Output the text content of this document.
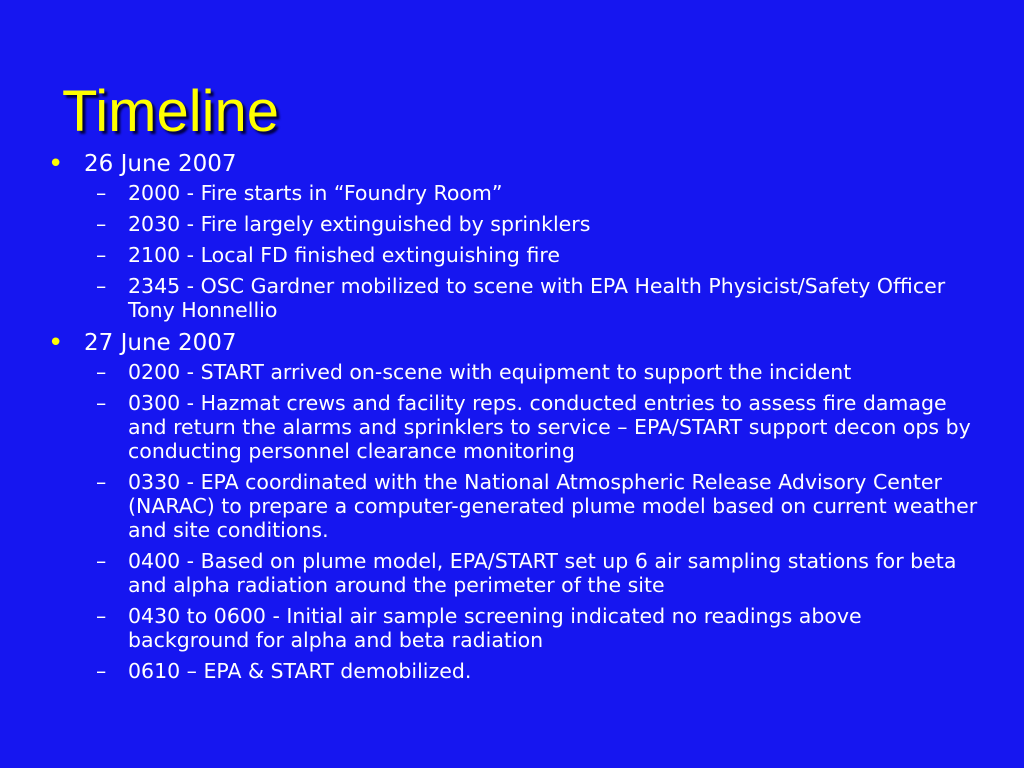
Timeline
• 26 June 2007
– 2000 - Fire starts in “Foundry Room”
– 2030 - Fire largely extinguished by sprinklers
– 2100 - Local FD finished extinguishing fire
– 2345 - OSC Gardner mobilized to scene with EPA Health Physicist/Safety Officer Tony Honnellio
• 27 June 2007
– 0200 - START arrived on-scene with equipment to support the incident
– 0300 - Hazmat crews and facility reps. conducted entries to assess fire damage and return the alarms and sprinklers to service – EPA/START support decon ops by conducting personnel clearance monitoring
– 0330 - EPA coordinated with the National Atmospheric Release Advisory Center (NARAC) to prepare a computer-generated plume model based on current weather and site conditions.
– 0400 - Based on plume model, EPA/START set up 6 air sampling stations for beta and alpha radiation around the perimeter of the site
– 0430 to 0600 - Initial air sample screening indicated no readings above background for alpha and beta radiation
– 0610 – EPA & START demobilized.
